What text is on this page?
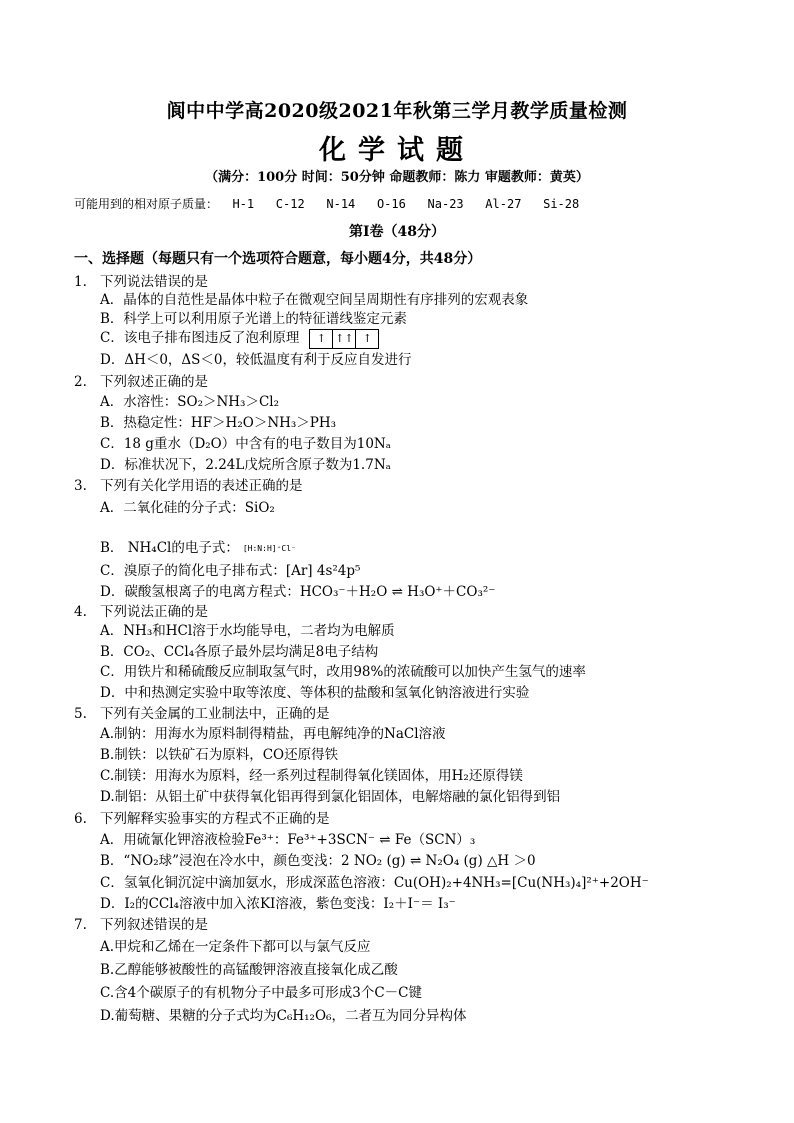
阆中中学高2020级2021年秋第三学月教学质量检测
化学试题
（满分：100分 时间：50分钟 命题教师：陈力 审题教师：黄英）
可能用到的相对原子质量：  H-1   C-12   N-14   O-16   Na-23   Al-27   Si-28
第Ⅰ卷（48分）
一、选择题（每题只有一个选项符合题意，每小题4分，共48分）
1. 下列说法错误的是
A．晶体的自范性是晶体中粒子在微观空间呈周期性有序排列的宏观表象
B．科学上可以利用原子光谱上的特征谱线鉴定元素
C．该电子排布图违反了泡利原理	↑ ↑↑ ↑
D．ΔH＜0，ΔS＜0，较低温度有利于反应自发进行
2. 下列叙述正确的是
A．水溶性：SO₂＞NH₃＞Cl₂
B．热稳定性：HF＞H₂O＞NH₃＞PH₃
C．18 g重水（D₂O）中含有的电子数目为10Nₐ
D．标准状况下，2.24L戊烷所含原子数为1.7Nₐ
3. 下列有关化学用语的表述正确的是
A．二氧化硅的分子式：SiO₂
B． NH₄Cl的电子式： [H:N:H]⁺Cl⁻
C．溴原子的简化电子排布式：[Ar] 4s²4p⁵
D．碳酸氢根离子的电离方程式：HCO₃⁻＋H₂O ⇌ H₃O⁺＋CO₃²⁻
4. 下列说法正确的是
A．NH₃和HCl溶于水均能导电，二者均为电解质
B．CO₂、CCl₄各原子最外层均满足8电子结构
C．用铁片和稀硫酸反应制取氢气时，改用98%的浓硫酸可以加快产生氢气的速率
D．中和热测定实验中取等浓度、等体积的盐酸和氢氧化钠溶液进行实验
5. 下列有关金属的工业制法中，正确的是
A.制钠：用海水为原料制得精盐，再电解纯净的NaCl溶液
B.制铁：以铁矿石为原料，CO还原得铁
C.制镁：用海水为原料，经一系列过程制得氧化镁固体，用H₂还原得镁
D.制铝：从铝土矿中获得氧化铝再得到氯化铝固体，电解熔融的氯化铝得到铝
6. 下列解释实验事实的方程式不正确的是
A．用硫氰化钾溶液检验Fe³⁺：Fe³⁺+3SCN⁻ ⇌ Fe（SCN）₃
B．“NO₂球”浸泡在冷水中，颜色变浅：2 NO₂ (g) ⇌ N₂O₄ (g) △H ＞0
C．氢氧化铜沉淀中滴加氨水，形成深蓝色溶液：Cu(OH)₂+4NH₃=[Cu(NH₃)₄]²⁺+2OH⁻
D．I₂的CCl₄溶液中加入浓KI溶液，紫色变浅：I₂＋I⁻＝ I₃⁻
7. 下列叙述错误的是
A.甲烷和乙烯在一定条件下都可以与氯气反应
B.乙醇能够被酸性的高锰酸钾溶液直接氧化成乙酸
C.含4个碳原子的有机物分子中最多可形成3个C－C键
D.葡萄糖、果糖的分子式均为C₆H₁₂O₆，二者互为同分异构体
